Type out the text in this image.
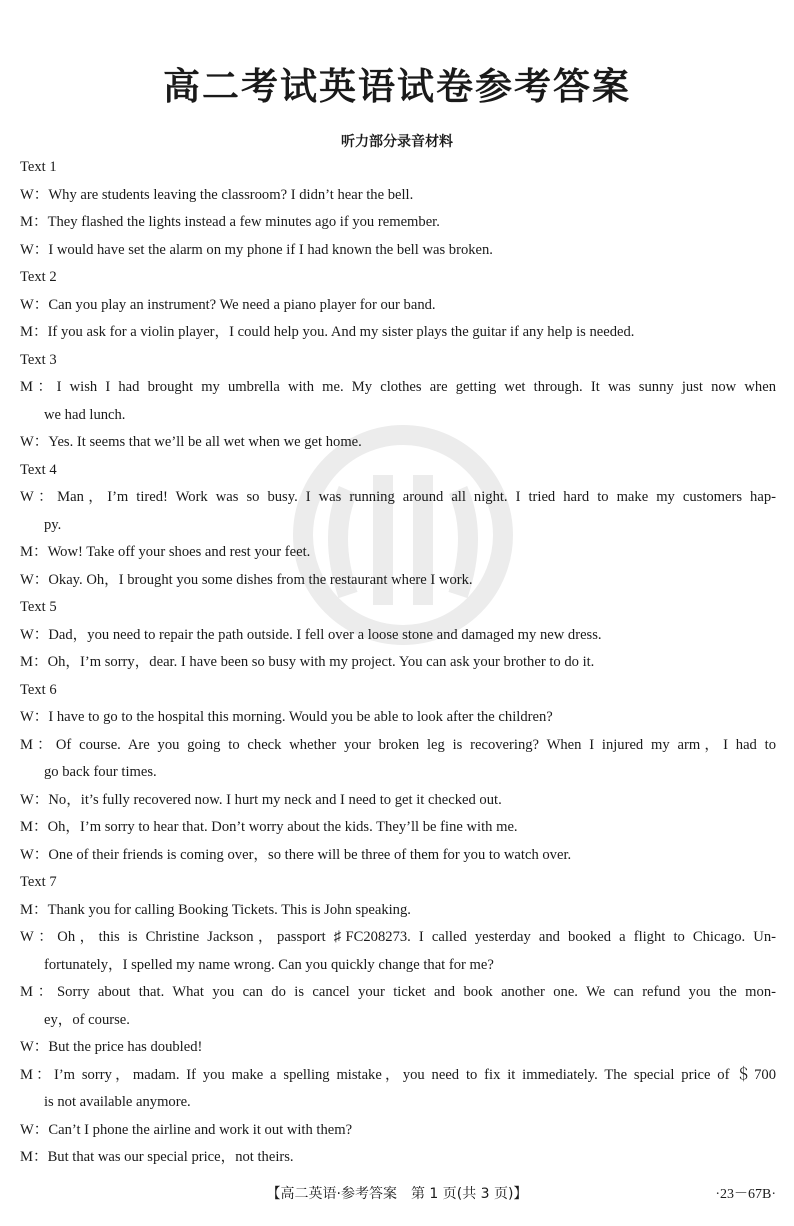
高二考试英语试卷参考答案
听力部分录音材料
Text 1
W：Why are students leaving the classroom? I didn’t hear the bell.
M：They flashed the lights instead a few minutes ago if you remember.
W：I would have set the alarm on my phone if I had known the bell was broken.
Text 2
W：Can you play an instrument? We need a piano player for our band.
M：If you ask for a violin player，I could help you. And my sister plays the guitar if any help is needed.
Text 3
M：I wish I had brought my umbrella with me. My clothes are getting wet through. It was sunny just now when
we had lunch.
W：Yes. It seems that we’ll be all wet when we get home.
Text 4
W：Man，I’m tired! Work was so busy. I was running around all night. I tried hard to make my customers hap-
py.
M：Wow! Take off your shoes and rest your feet.
W：Okay. Oh，I brought you some dishes from the restaurant where I work.
Text 5
W：Dad，you need to repair the path outside. I fell over a loose stone and damaged my new dress.
M：Oh，I’m sorry，dear. I have been so busy with my project. You can ask your brother to do it.
Text 6
W：I have to go to the hospital this morning. Would you be able to look after the children?
M：Of course. Are you going to check whether your broken leg is recovering? When I injured my arm，I had to
go back four times.
W：No，it’s fully recovered now. I hurt my neck and I need to get it checked out.
M：Oh，I’m sorry to hear that. Don’t worry about the kids. They’ll be fine with me.
W：One of their friends is coming over，so there will be three of them for you to watch over.
Text 7
M：Thank you for calling Booking Tickets. This is John speaking.
W：Oh，this is Christine Jackson，passport ♯FC208273. I called yesterday and booked a flight to Chicago. Un-
fortunately，I spelled my name wrong. Can you quickly change that for me?
M：Sorry about that. What you can do is cancel your ticket and book another one. We can refund you the mon-
ey，of course.
W：But the price has doubled!
M：I’m sorry，madam. If you make a spelling mistake，you need to fix it immediately. The special price of ＄700
is not available anymore.
W：Can’t I phone the airline and work it out with them?
M：But that was our special price，not theirs.
【高二英语·参考答案　第 1 页(共 3 页)】	·23－67B·
